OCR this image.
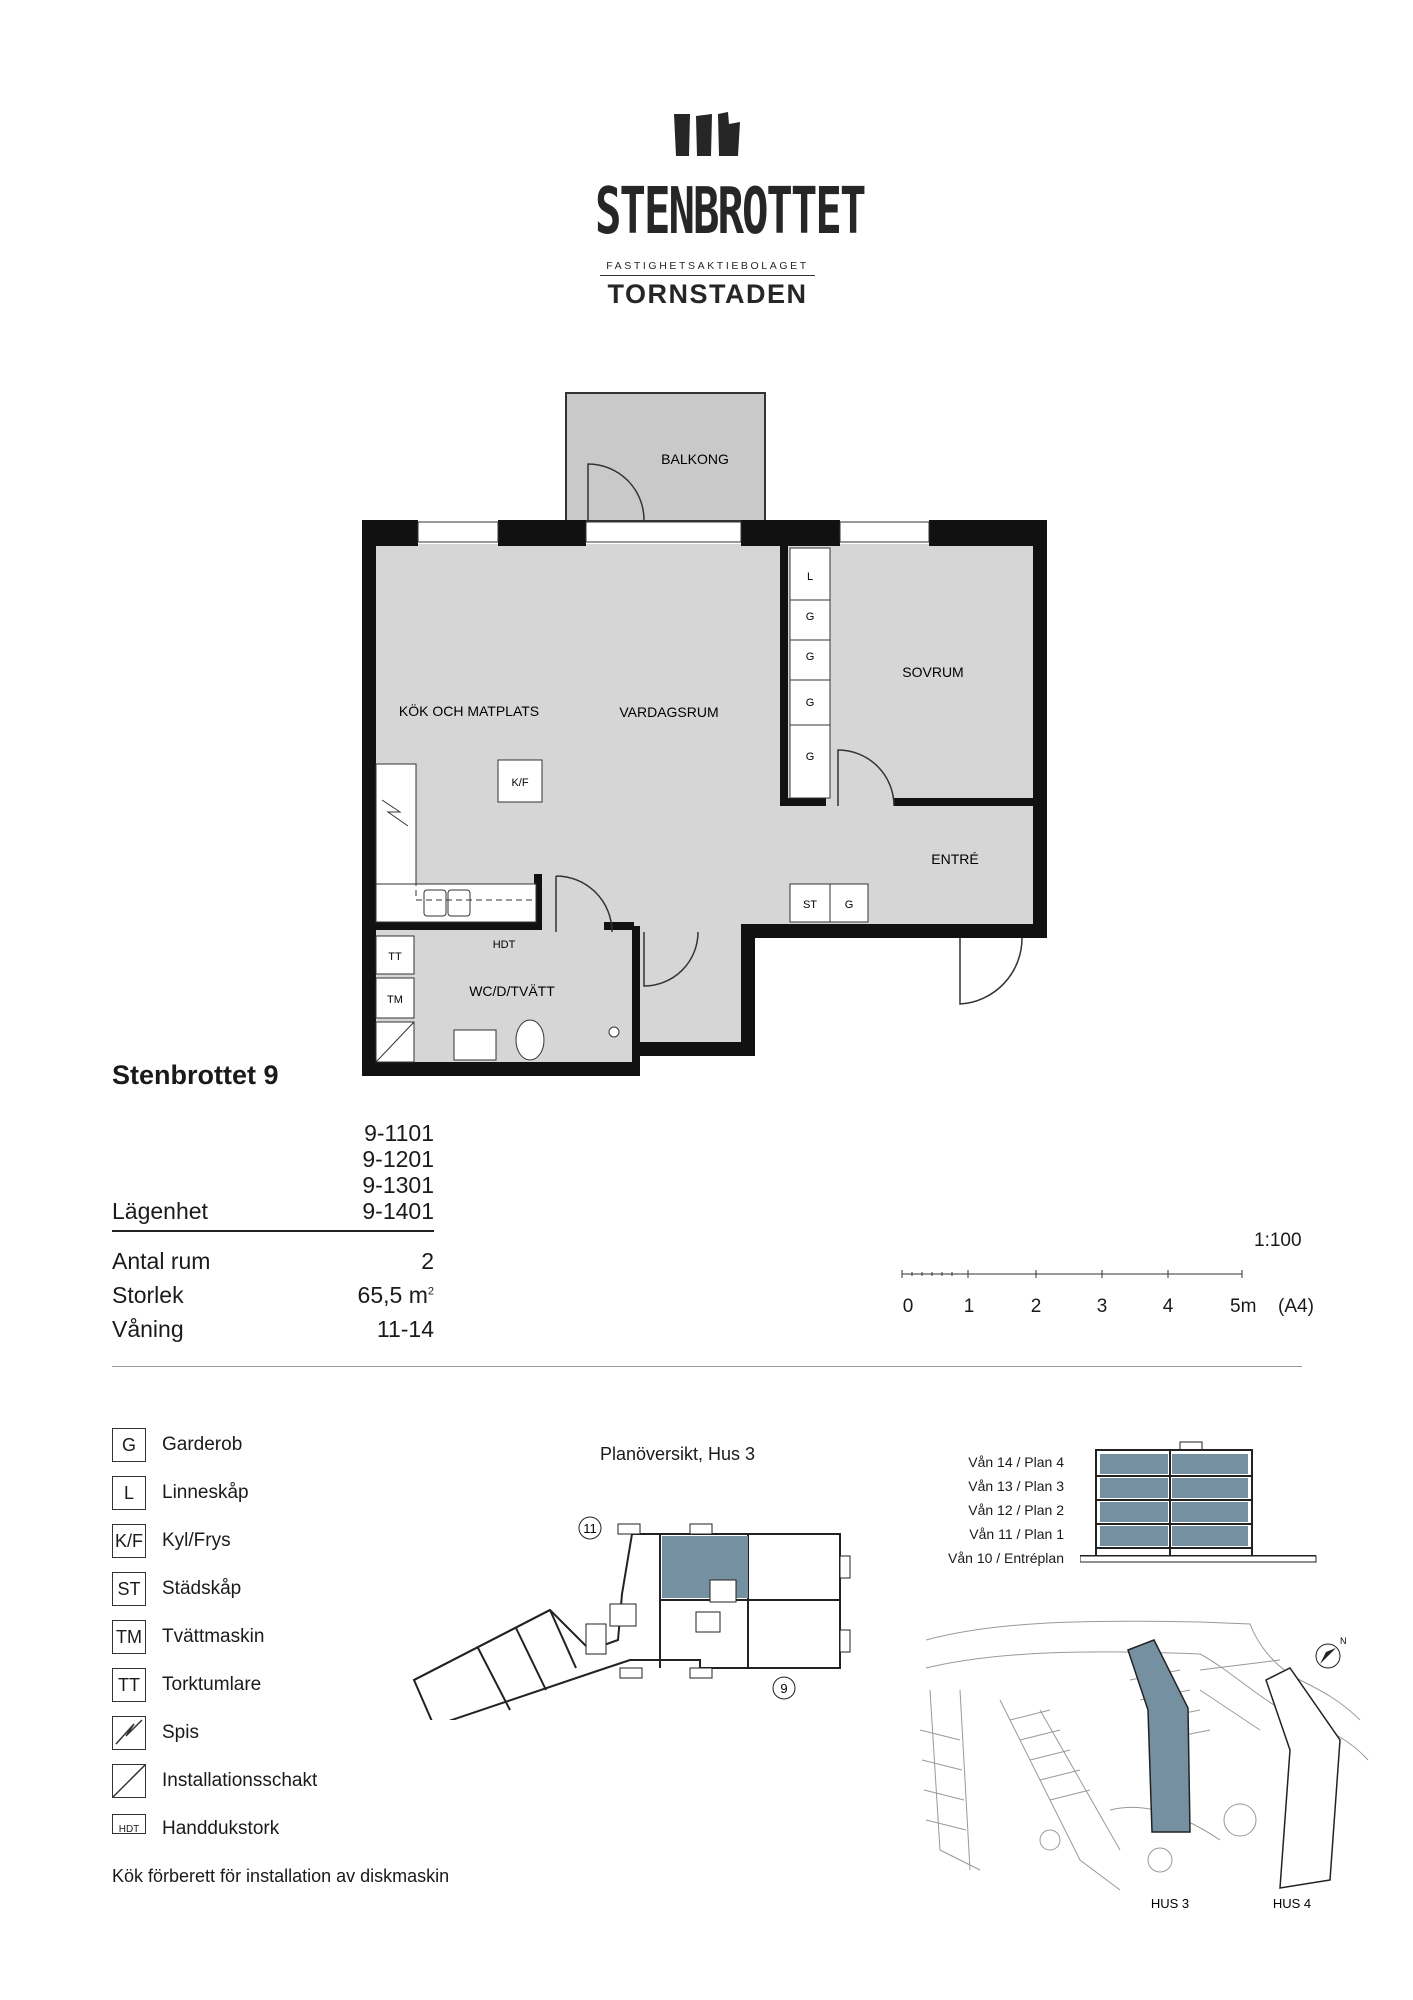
STENBROTTET
FASTIGHETSAKTIEBOLAGET
TORNSTADEN
L
G
G
G
G
ST	G
K/F
TT
TM
HDT
BALKONG
KÖK OCH MATPLATS	VARDAGSRUM
SOVRUM
ENTRÉ
WC/D/TVÄTT
Stenbrottet 9
9-1101
9-1201
9-1301
Lägenhet	9-1401
Antal rum	2
Storlek	65,5 $m^2$
Våning	11-14
1:100
0	1	2	3	4	5m (A4)
G	Garderob
L	Linneskåp
K/F Kyl/Frys
ST Städskåp
TM Tvättmaskin
TT	Torktumlare
Spis
Installationsschakt
HDT	Handdukstork
Kök förberett för installation av diskmaskin
Planöversikt, Hus 3
11
9
Vån 14 / Plan 4
Vån 13 / Plan 3
Vån 12 / Plan 2
Vån 11 / Plan 1
Vån 10 / Entréplan
N
HUS 3	HUS 4
